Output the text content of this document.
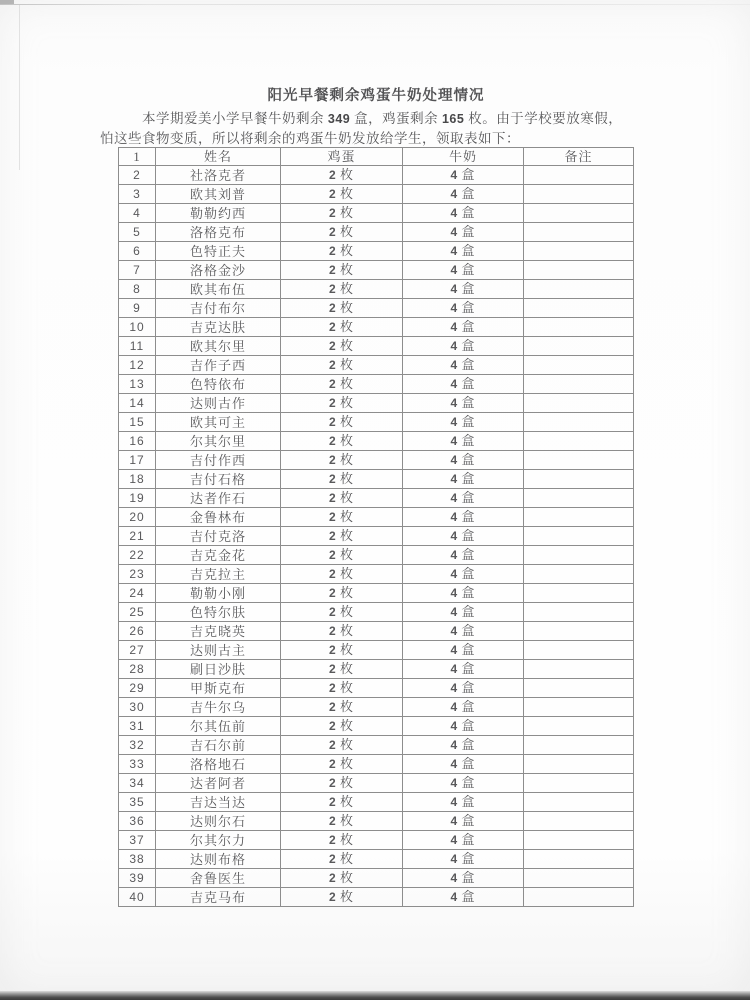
阳光早餐剩余鸡蛋牛奶处理情况

本学期爱美小学早餐牛奶剩余 349 盒，鸡蛋剩余 165 枚。由于学校要放寒假，
怕这些食物变质，所以将剩余的鸡蛋牛奶发放给学生，领取表如下：

1	姓名	鸡蛋	牛奶	备注
2	社洛克者	2 枚	4 盒	
3	欧其刘普	2 枚	4 盒	
4	勒勒约西	2 枚	4 盒	
5	洛格克布	2 枚	4 盒	
6	色特正夫	2 枚	4 盒	
7	洛格金沙	2 枚	4 盒	
8	欧其布伍	2 枚	4 盒	
9	吉付布尔	2 枚	4 盒	
10	吉克达肤	2 枚	4 盒	
11	欧其尔里	2 枚	4 盒	
12	吉作子西	2 枚	4 盒	
13	色特依布	2 枚	4 盒	
14	达则古作	2 枚	4 盒	
15	欧其可主	2 枚	4 盒	
16	尔其尔里	2 枚	4 盒	
17	吉付作西	2 枚	4 盒	
18	吉付石格	2 枚	4 盒	
19	达者作石	2 枚	4 盒	
20	金鲁林布	2 枚	4 盒	
21	吉付克洛	2 枚	4 盒	
22	吉克金花	2 枚	4 盒	
23	吉克拉主	2 枚	4 盒	
24	勒勒小刚	2 枚	4 盒	
25	色特尔肤	2 枚	4 盒	
26	吉克晓英	2 枚	4 盒	
27	达则古主	2 枚	4 盒	
28	刷日沙肤	2 枚	4 盒	
29	甲斯克布	2 枚	4 盒	
30	吉牛尔乌	2 枚	4 盒	
31	尔其伍前	2 枚	4 盒	
32	吉石尔前	2 枚	4 盒	
33	洛格地石	2 枚	4 盒	
34	达者阿者	2 枚	4 盒	
35	吉达当达	2 枚	4 盒	
36	达则尔石	2 枚	4 盒	
37	尔其尔力	2 枚	4 盒	
38	达则布格	2 枚	4 盒	
39	舍鲁医生	2 枚	4 盒	
40	吉克马布	2 枚	4 盒	
